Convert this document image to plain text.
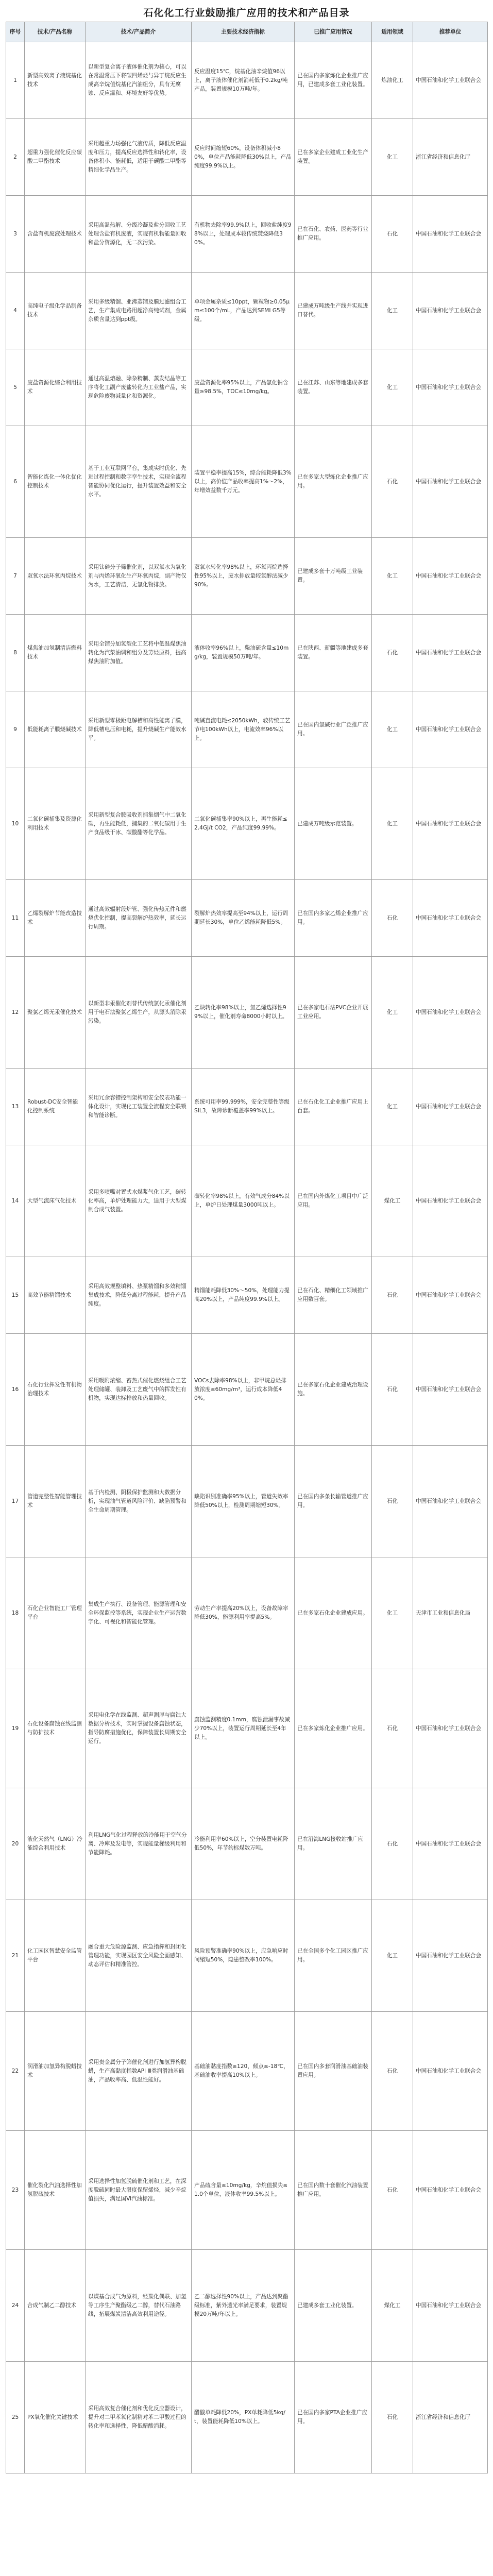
石化化工行业鼓励推广应用的技术和产品目录
序号	技术/产品名称	技术/产品简介	主要技术经济指标	已推广应用情况	适用领域	推荐单位
1	新型高效离子液烷基化技术	以新型复合离子液体催化剂为核心，可以在常温常压下将碳四烯烃与异丁烷反应生成高辛烷值烷基化汽油组分，具有无腐蚀、反应温和、环境友好等优势。	反应温度15℃，烷基化油辛烷值96以上，离子液体催化剂消耗低于0.2kg/吨产品，装置规模10万吨/年。	已在国内多家炼化企业推广应用，已建成多套工业化装置。	炼油化工	中国石油和化学工业联合会
2	超重力强化催化反应碳酸二甲酯技术	采用超重力场强化气液传质，降低反应温度和压力，提高反应选择性和转化率，设备体积小、能耗低，适用于碳酸二甲酯等精细化学品生产。	反应时间缩短60%，设备体积减小80%，单位产品能耗降低30%以上，产品纯度99.9%以上。	已在多家企业建成工业化生产装置。	化工	浙江省经济和信息化厅
3	含盐有机废液处理技术	采用高温热解、分级冷凝及盐分回收工艺处理含盐有机废液，实现有机物能量回收和盐分资源化，无二次污染。	有机物去除率99.9%以上，回收盐纯度98%以上，处理成本较传统焚烧降低30%。	已在石化、农药、医药等行业推广应用。	石化	中国石油和化学工业联合会
4	高纯电子级化学品制备技术	采用多级精馏、亚沸蒸馏及膜过滤组合工艺，生产集成电路用超净高纯试剂，金属杂质含量达到ppt级。	单项金属杂质≤10ppt，颗粒物≥0.05μm≤100个/mL，产品达到SEMI G5等级。	已建成万吨级生产线并实现进口替代。	化工	中国石油和化学工业联合会
5	废盐资源化综合利用技术	通过高温熔融、除杂精制、蒸发结晶等工序将化工副产废盐转化为工业盐产品，实现危险废物减量化和资源化。	废盐资源化率95%以上，产品氯化钠含量≥98.5%，TOC≤10mg/kg。	已在江苏、山东等地建成多套装置。	化工	中国石油和化学工业联合会
6	智能化炼化一体化优化控制技术	基于工业互联网平台，集成实时优化、先进过程控制和数字孪生技术，实现全流程智能协同优化运行，提升装置效益和安全水平。	装置平稳率提高15%，综合能耗降低3%以上，高价值产品收率提高1%～2%，年增效益数千万元。	已在多家大型炼化企业推广应用。	石化	中国石油和化学工业联合会
7	双氧水法环氧丙烷技术	采用钛硅分子筛催化剂，以双氧水为氧化剂与丙烯环氧化生产环氧丙烷，副产物仅为水，工艺清洁，无氯化物排放。	双氧水转化率98%以上，环氧丙烷选择性95%以上，废水排放量较氯醇法减少90%。	已建成多套十万吨级工业装置。	化工	中国石油和化学工业联合会
8	煤焦油加氢制清洁燃料技术	采用全馏分加氢裂化工艺将中低温煤焦油转化为汽柴油调和组分及芳烃原料，提高煤焦油附加值。	液体收率96%以上，柴油硫含量≤10mg/kg，装置规模50万吨/年。	已在陕西、新疆等地建成多套装置。	石化	中国石油和化学工业联合会
9	低能耗离子膜烧碱技术	采用新型零极距电解槽和高性能离子膜，降低槽电压和电耗，提升烧碱生产能效水平。	吨碱直流电耗≤2050kWh，较传统工艺节电100kWh以上，电流效率96%以上。	已在国内氯碱行业广泛推广应用。	化工	中国石油和化学工业联合会
10	二氧化碳捕集及资源化利用技术	采用新型复合胺吸收剂捕集烟气中二氧化碳，再生能耗低，捕集的二氧化碳用于生产食品级干冰、碳酸酯等化学品。	二氧化碳捕集率90%以上，再生能耗≤2.4GJ/t CO2，产品纯度99.99%。	已建成万吨级示范装置。	化工	中国石油和化学工业联合会
11	乙烯裂解炉节能改造技术	通过高效辐射段炉管、强化传热元件和燃烧优化控制，提高裂解炉热效率，延长运行周期。	裂解炉热效率提高至94%以上，运行周期延长30%，单位乙烯能耗降低5%。	已在国内多家乙烯企业推广应用。	石化	中国石油和化学工业联合会
12	聚氯乙烯无汞催化技术	以新型非汞催化剂替代传统氯化汞催化剂用于电石法聚氯乙烯生产，从源头消除汞污染。	乙炔转化率98%以上，氯乙烯选择性99%以上，催化剂寿命8000小时以上。	已在多家电石法PVC企业开展工业应用。	化工	中国石油和化学工业联合会
13	Robust-DC安全智能化控制系统	采用冗余容错控制架构和安全仪表功能一体化设计，实现化工装置全流程安全联锁和智能诊断。	系统可用率99.999%，安全完整性等级SIL3，故障诊断覆盖率99%以上。	已在石化化工企业推广应用上百套。	化工	中国石油和化学工业联合会
14	大型气流床气化技术	采用多喷嘴对置式水煤浆气化工艺，碳转化率高，单炉处理能力大，适用于大型煤制合成气装置。	碳转化率98%以上，有效气成分84%以上，单炉日处理煤量3000吨以上。	已在国内外煤化工项目中广泛应用。	煤化工	中国石油和化学工业联合会
15	高效节能精馏技术	采用高效规整填料、热泵精馏和多效精馏集成技术，降低分离过程能耗，提升产品纯度。	精馏能耗降低30%～50%，处理能力提高20%以上，产品纯度99.9%以上。	已在石化、精细化工领域推广应用数百套。	石化	中国石油和化学工业联合会
16	石化行业挥发性有机物治理技术	采用吸附浓缩、蓄热式催化燃烧组合工艺处理储罐、装卸及工艺废气中的挥发性有机物，实现达标排放和热量回收。	VOCs去除率98%以上，非甲烷总烃排放浓度≤60mg/m³，运行成本降低40%。	已在多家石化企业建成治理设施。	石化	中国石油和化学工业联合会
17	管道完整性智能管理技术	基于内检测、阴极保护监测和大数据分析，实现油气管道风险评价、缺陷预警和全生命周期管理。	缺陷识别准确率95%以上，管道失效率降低50%以上，检测周期缩短30%。	已在国内多条长输管道推广应用。	石化	中国石油和化学工业联合会
18	石化企业智能工厂管理平台	集成生产执行、设备管理、能源管理和安全环保监控等系统，实现企业生产运营数字化、可视化和智能化管理。	劳动生产率提高20%以上，设备故障率降低30%，能源利用率提高5%。	已在多家石化企业建成应用。	化工	天津市工业和信息化局
19	石化设备腐蚀在线监测与防护技术	采用电化学在线监测、超声测厚与腐蚀大数据分析技术，实时掌握设备腐蚀状态，指导防腐措施优化，保障装置长周期安全运行。	腐蚀监测精度0.1mm，腐蚀泄漏事故减少70%以上，装置运行周期延长至4年以上。	已在多家炼化企业推广应用。	石化	中国石油和化学工业联合会
20	液化天然气（LNG）冷能综合利用技术	利用LNG气化过程释放的冷能用于空气分离、冷库及发电等，实现能量梯级利用和节能降耗。	冷能利用率60%以上，空分装置电耗降低50%，年节约标煤数万吨。	已在沿海LNG接收站推广应用。	石化	中国石油和化学工业联合会
21	化工园区智慧安全监管平台	融合重大危险源监测、应急指挥和封闭化管理功能，实现园区安全风险全面感知、动态评估和精准管控。	风险预警准确率90%以上，应急响应时间缩短50%，隐患整改率100%。	已在全国多个化工园区推广应用。	化工	中国石油和化学工业联合会
22	润滑油加氢异构脱蜡技术	采用贵金属分子筛催化剂进行加氢异构脱蜡，生产高黏度指数API Ⅲ类润滑油基础油，产品收率高、低温性能好。	基础油黏度指数≥120，倾点≤-18℃，基础油收率提高10%以上。	已在国内多套润滑油基础油装置应用。	石化	中国石油和化学工业联合会
23	催化裂化汽油选择性加氢脱硫技术	采用选择性加氢脱硫催化剂和工艺，在深度脱硫同时最大限度保留烯烃，减少辛烷值损失，满足国Ⅵ汽油标准。	产品硫含量≤10mg/kg，辛烷值损失≤1.0个单位，液体收率99.5%以上。	已在国内数十套催化汽油装置推广应用。	石化	中国石油和化学工业联合会
24	合成气制乙二醇技术	以煤基合成气为原料，经羰化偶联、加氢等工序生产聚酯级乙二醇，替代石油路线，拓展煤炭清洁高效利用途径。	乙二醇选择性90%以上，产品达到聚酯级标准，紫外透光率满足要求，装置规模20万吨/年以上。	已建成多套工业化装置。	煤化工	中国石油和化学工业联合会
25	PX氧化催化关键技术	采用高效复合催化剂和优化反应器设计，提升对二甲苯氧化制精对苯二甲酸过程的转化率和选择性，降低醋酸消耗。	醋酸单耗降低20%，PX单耗降低5kg/t，装置能耗降低10%以上。	已在国内多家PTA企业推广应用。	石化	浙江省经济和信息化厅
